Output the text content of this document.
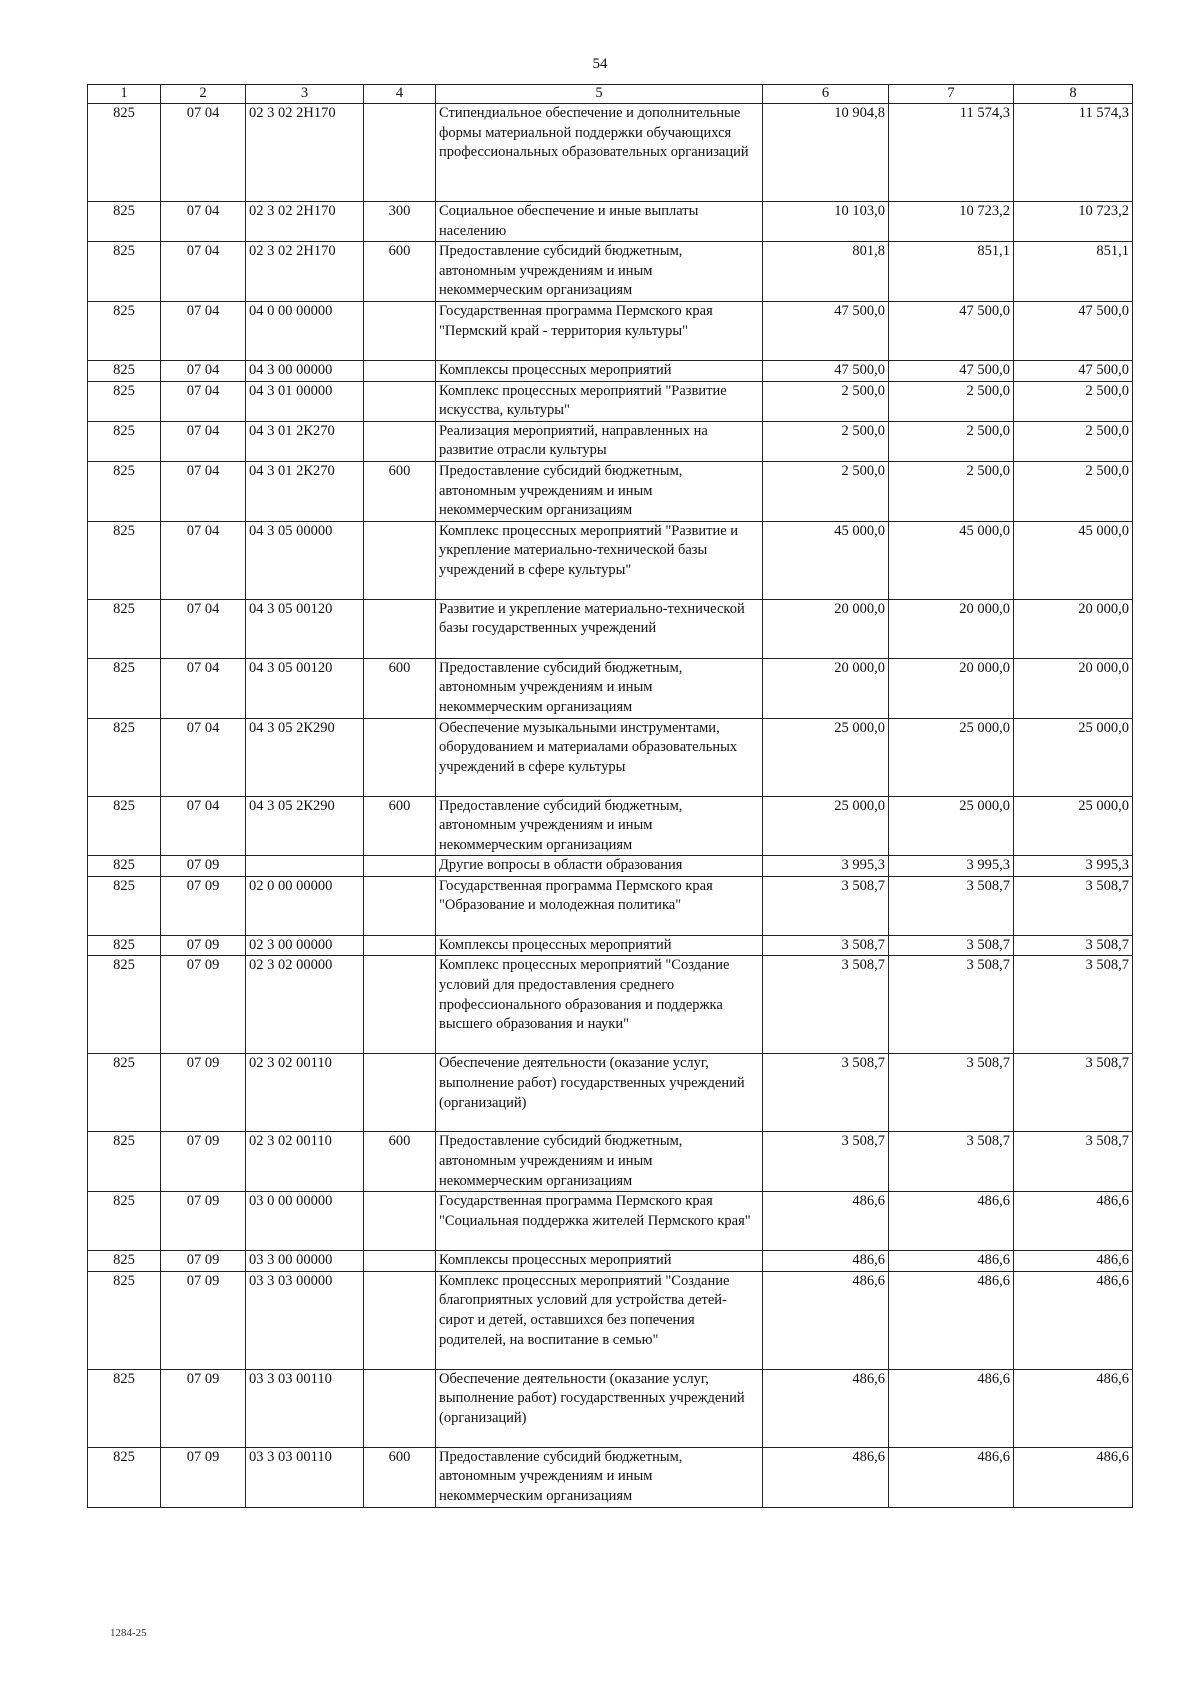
54
1	2	3	4	5	6	7	8
825	07 04	02 3 02 2Н170		Стипендиальное обеспечение и дополнительные формы материальной поддержки обучающихся профессиональных образовательных организаций	10 904,8	11 574,3	11 574,3
825	07 04	02 3 02 2Н170	300	Социальное обеспечение и иные выплаты населению	10 103,0	10 723,2	10 723,2
825	07 04	02 3 02 2Н170	600	Предоставление субсидий бюджетным, автономным учреждениям и иным некоммерческим организациям	801,8	851,1	851,1
825	07 04	04 0 00 00000		Государственная программа Пермского края "Пермский край - территория культуры"	47 500,0	47 500,0	47 500,0
825	07 04	04 3 00 00000		Комплексы процессных мероприятий	47 500,0	47 500,0	47 500,0
825	07 04	04 3 01 00000		Комплекс процессных мероприятий "Развитие искусства, культуры"	2 500,0	2 500,0	2 500,0
825	07 04	04 3 01 2К270		Реализация мероприятий, направленных на развитие отрасли культуры	2 500,0	2 500,0	2 500,0
825	07 04	04 3 01 2К270	600	Предоставление субсидий бюджетным, автономным учреждениям и иным некоммерческим организациям	2 500,0	2 500,0	2 500,0
825	07 04	04 3 05 00000		Комплекс процессных мероприятий "Развитие и укрепление материально-технической базы учреждений в сфере культуры"	45 000,0	45 000,0	45 000,0
825	07 04	04 3 05 00120		Развитие и укрепление материально-технической базы государственных учреждений	20 000,0	20 000,0	20 000,0
825	07 04	04 3 05 00120	600	Предоставление субсидий бюджетным, автономным учреждениям и иным некоммерческим организациям	20 000,0	20 000,0	20 000,0
825	07 04	04 3 05 2К290		Обеспечение музыкальными инструментами, оборудованием и материалами образовательных учреждений в сфере культуры	25 000,0	25 000,0	25 000,0
825	07 04	04 3 05 2К290	600	Предоставление субсидий бюджетным, автономным учреждениям и иным некоммерческим организациям	25 000,0	25 000,0	25 000,0
825	07 09			Другие вопросы в области образования	3 995,3	3 995,3	3 995,3
825	07 09	02 0 00 00000		Государственная программа Пермского края "Образование и молодежная политика"	3 508,7	3 508,7	3 508,7
825	07 09	02 3 00 00000		Комплексы процессных мероприятий	3 508,7	3 508,7	3 508,7
825	07 09	02 3 02 00000		Комплекс процессных мероприятий "Создание условий для предоставления среднего профессионального образования и поддержка высшего образования и науки"	3 508,7	3 508,7	3 508,7
825	07 09	02 3 02 00110		Обеспечение деятельности (оказание услуг, выполнение работ) государственных учреждений (организаций)	3 508,7	3 508,7	3 508,7
825	07 09	02 3 02 00110	600	Предоставление субсидий бюджетным, автономным учреждениям и иным некоммерческим организациям	3 508,7	3 508,7	3 508,7
825	07 09	03 0 00 00000		Государственная программа Пермского края "Социальная поддержка жителей Пермского края"	486,6	486,6	486,6
825	07 09	03 3 00 00000		Комплексы процессных мероприятий	486,6	486,6	486,6
825	07 09	03 3 03 00000		Комплекс процессных мероприятий "Создание благоприятных условий для устройства детей-сирот и детей, оставшихся без попечения родителей, на воспитание в семью"	486,6	486,6	486,6
825	07 09	03 3 03 00110		Обеспечение деятельности (оказание услуг, выполнение работ) государственных учреждений (организаций)	486,6	486,6	486,6
825	07 09	03 3 03 00110	600	Предоставление субсидий бюджетным, автономным учреждениям и иным некоммерческим организациям	486,6	486,6	486,6
1284-25
